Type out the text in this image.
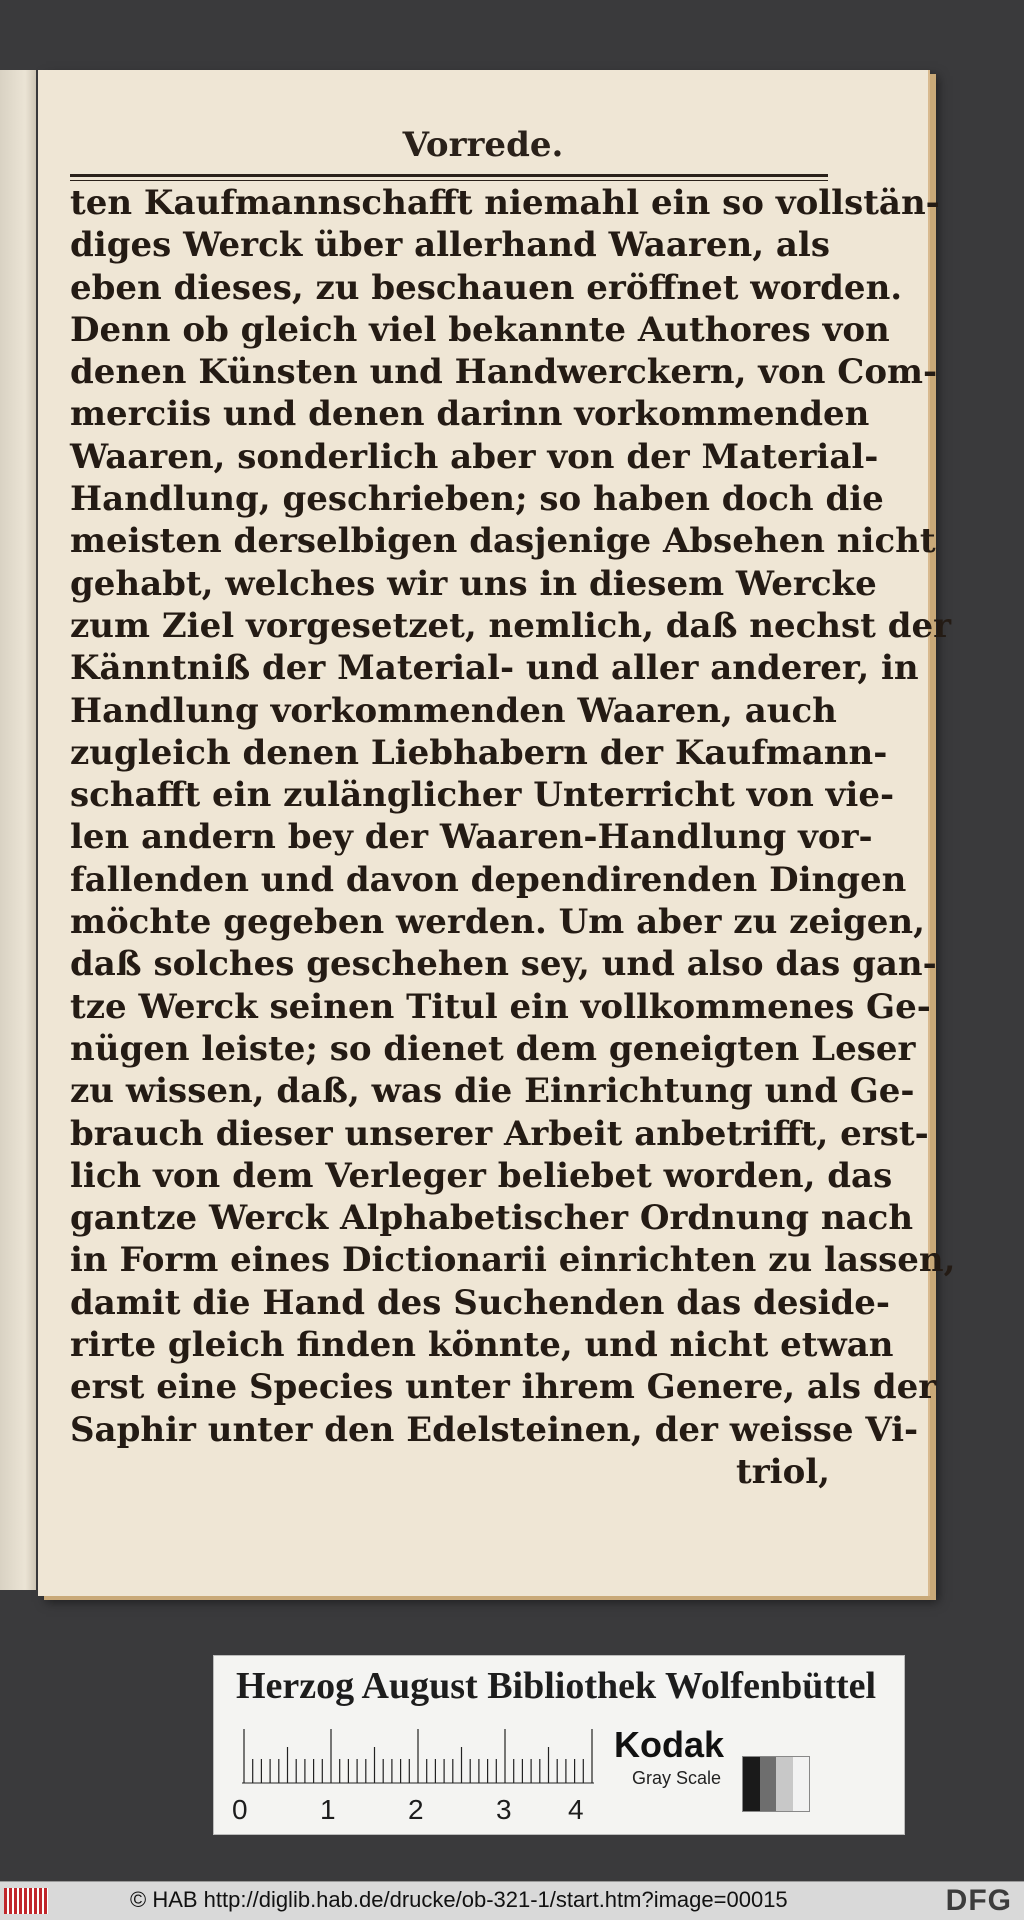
Vorrede.
ten Kaufmannschafft niemahl ein so vollstän-
diges Werck über allerhand Waaren, als
eben dieses, zu beschauen eröffnet worden.
Denn ob gleich viel bekannte Authores von
denen Künsten und Handwerckern, von Com-
merciis und denen darinn vorkommenden
Waaren, sonderlich aber von der Material-
Handlung, geschrieben; so haben doch die
meisten derselbigen dasjenige Absehen nicht
gehabt, welches wir uns in diesem Wercke
zum Ziel vorgesetzet, nemlich, daß nechst der
Känntniß der Material- und aller anderer, in
Handlung vorkommenden Waaren, auch
zugleich denen Liebhabern der Kaufmann-
schafft ein zulänglicher Unterricht von vie-
len andern bey der Waaren-Handlung vor-
fallenden und davon dependirenden Dingen
möchte gegeben werden. Um aber zu zeigen,
daß solches geschehen sey, und also das gan-
tze Werck seinen Titul ein vollkommenes Ge-
nügen leiste; so dienet dem geneigten Leser
zu wissen, daß, was die Einrichtung und Ge-
brauch dieser unserer Arbeit anbetrifft, erst-
lich von dem Verleger beliebet worden, das
gantze Werck Alphabetischer Ordnung nach
in Form eines Dictionarii einrichten zu lassen,
damit die Hand des Suchenden das deside-
rirte gleich finden könnte, und nicht etwan
erst eine Species unter ihrem Genere, als der
Saphir unter den Edelsteinen, der weisse Vi-
triol,
Herzog August Bibliothek Wolfenbüttel
0	1	2	3 4
Kodak
Gray Scale
© HAB http://diglib.hab.de/drucke/ob-321-1/start.htm?image=00015	DFG
